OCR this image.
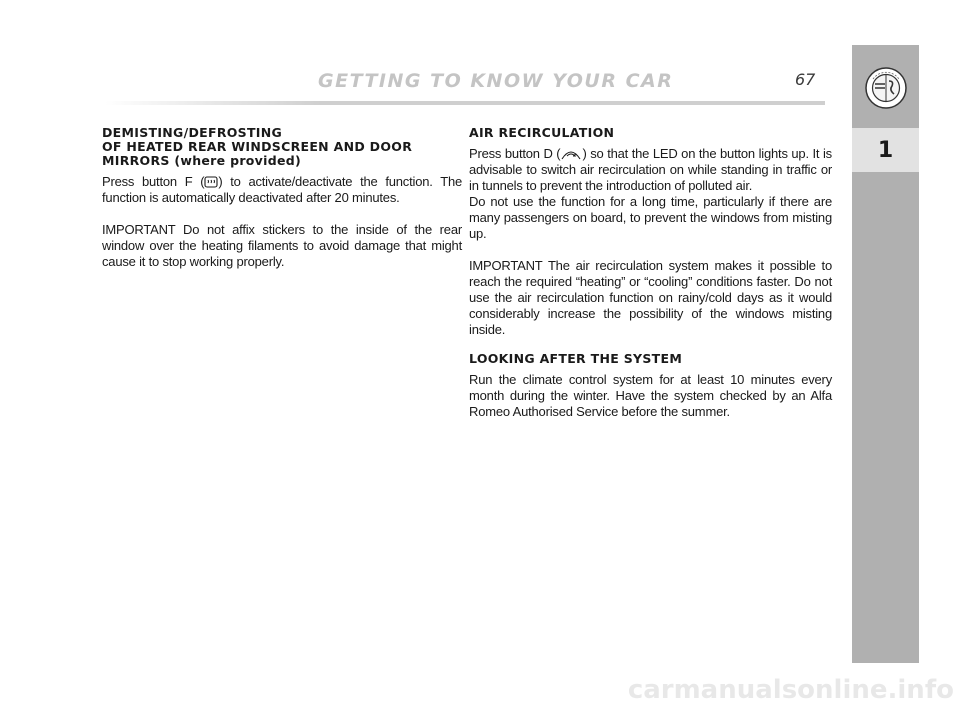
GETTING TO KNOW YOUR CAR	67
1
DEMISTING/DEFROSTING
OF HEATED REAR WINDSCREEN AND DOOR
MIRRORS (where provided)

Press button F ( ) to activate/deactivate the function. The function is automatically deactivated after 20 minutes.

IMPORTANT Do not affix stickers to the inside of the rear window over the heating filaments to avoid damage that might cause it to stop working properly.

AIR RECIRCULATION

Press button D ( ) so that the LED on the button lights up. It is advisable to switch air recirculation on while standing in traffic or in tunnels to prevent the introduction of polluted air.

Do not use the function for a long time, particularly if there are many passengers on board, to prevent the windows from misting up.

IMPORTANT The air recirculation system makes it possible to reach the required “heating” or “cooling” conditions faster. Do not use the air recirculation function on rainy/cold days as it would considerably increase the possibility of the windows misting inside.

LOOKING AFTER THE SYSTEM

Run the climate control system for at least 10 minutes every month during the winter. Have the system checked by an Alfa Romeo Authorised Service before the summer.

carmanualsonline.info
